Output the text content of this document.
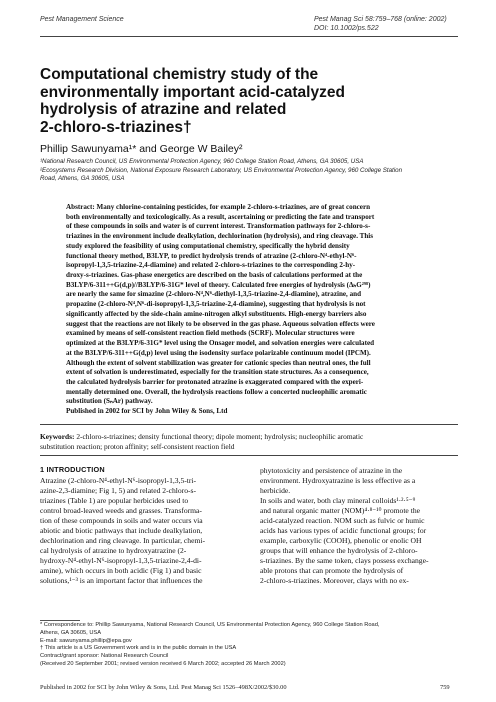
Pest Management Science	Pest Manag Sci 58:759–768 (online: 2002)
DOI: 10.1002/ps.522
Computational chemistry study of the
environmentally important acid-catalyzed
hydrolysis of atrazine and related
2-chloro-s-triazines†
Phillip Sawunyama¹* and George W Bailey²
¹National Research Council, US Environmental Protection Agency, 960 College Station Road, Athens, GA 30605, USA
²Ecosystems Research Division, National Exposure Research Laboratory, US Environmental Protection Agency, 960 College Station
Road, Athens, GA 30605, USA
Abstract: Many chlorine-containing pesticides, for example 2-chloro-s-triazines, are of great concern
both environmentally and toxicologically. As a result, ascertaining or predicting the fate and transport
of these compounds in soils and water is of current interest. Transformation pathways for 2-chloro-s-
triazines in the environment include dealkylation, dechlorination (hydrolysis), and ring cleavage. This
study explored the feasibility of using computational chemistry, specifically the hybrid density
functional theory method, B3LYP, to predict hydrolysis trends of atrazine (2-chloro-N⁴-ethyl-N⁶-
isopropyl-1,3,5-triazine-2,4-diamine) and related 2-chloro-s-triazines to the corresponding 2-hy-
droxy-s-triazines. Gas-phase energetics are described on the basis of calculations performed at the
B3LYP/6-311++G(d,p)//B3LYP/6-31G* level of theory. Calculated free energies of hydrolysis (ΔₕG²⁹⁸)
are nearly the same for simazine (2-chloro-N⁴,N⁶-diethyl-1,3,5-triazine-2,4-diamine), atrazine, and
propazine (2-chloro-N⁴,N⁶-di-isopropyl-1,3,5-triazine-2,4-diamine), suggesting that hydrolysis is not
significantly affected by the side-chain amine-nitrogen alkyl substituents. High-energy barriers also
suggest that the reactions are not likely to be observed in the gas phase. Aqueous solvation effects were
examined by means of self-consistent reaction field methods (SCRF). Molecular structures were
optimized at the B3LYP/6-31G* level using the Onsager model, and solvation energies were calculated
at the B3LYP/6-311++G(d,p) level using the isodensity surface polarizable continuum model (IPCM).
Although the extent of solvent stabilization was greater for cationic species than neutral ones, the full
extent of solvation is underestimated, especially for the transition state structures. As a consequence,
the calculated hydrolysis barrier for protonated atrazine is exaggerated compared with the experi-
mentally determined one. Overall, the hydrolysis reactions follow a concerted nucleophilic aromatic
substitution (SₙAr) pathway.
Published in 2002 for SCI by John Wiley & Sons, Ltd
Keywords: 2-chloro-s-triazines; density functional theory; dipole moment; hydrolysis; nucleophilic aromatic
substitution reaction; proton affinity; self-consistent reaction field
1 INTRODUCTION
Atrazine (2-chloro-N⁴-ethyl-N⁶-isopropyl-1,3,5-tri-
azine-2,3-diamine; Fig 1, 5) and related 2-chloro-s-
triazines (Table 1) are popular herbicides used to
control broad-leaved weeds and grasses. Transforma-
tion of these compounds in soils and water occurs via
abiotic and biotic pathways that include dealkylation,
dechlorination and ring cleavage. In particular, chemi-
cal hydrolysis of atrazine to hydroxyatrazine (2-
hydroxy-N⁴-ethyl-N⁶-isopropyl-1,3,5-triazine-2,4-di-
amine), which occurs in both acidic (Fig 1) and basic
solutions,¹⁻³ is an important factor that influences the
phytotoxicity and persistence of atrazine in the
environment. Hydroxyatrazine is less effective as a
herbicide.
In soils and water, both clay mineral colloids¹·²·⁵⁻⁹
and natural organic matter (NOM)⁴·⁸⁻¹⁰ promote the
acid-catalyzed reaction. NOM such as fulvic or humic
acids has various types of acidic functional groups; for
example, carboxylic (COOH), phenolic or enolic OH
groups that will enhance the hydrolysis of 2-chloro-
s-triazines. By the same token, clays possess exchange-
able protons that can promote the hydrolysis of
2-chloro-s-triazines. Moreover, clays with no ex-
* Correspondence to: Phillip Sawunyama, National Research Council, US Environmental Protection Agency, 960 College Station Road,
Athens, GA 30605, USA
E-mail: sawunyama.phillip@epa.gov
† This article is a US Government work and is in the public domain in the USA
Contract/grant sponsor: National Research Council
(Received 20 September 2001; revised version received 6 March 2002; accepted 26 March 2002)
Published in 2002 for SCI by John Wiley & Sons, Ltd. Pest Manag Sci 1526–498X/2002/$30.00	759
